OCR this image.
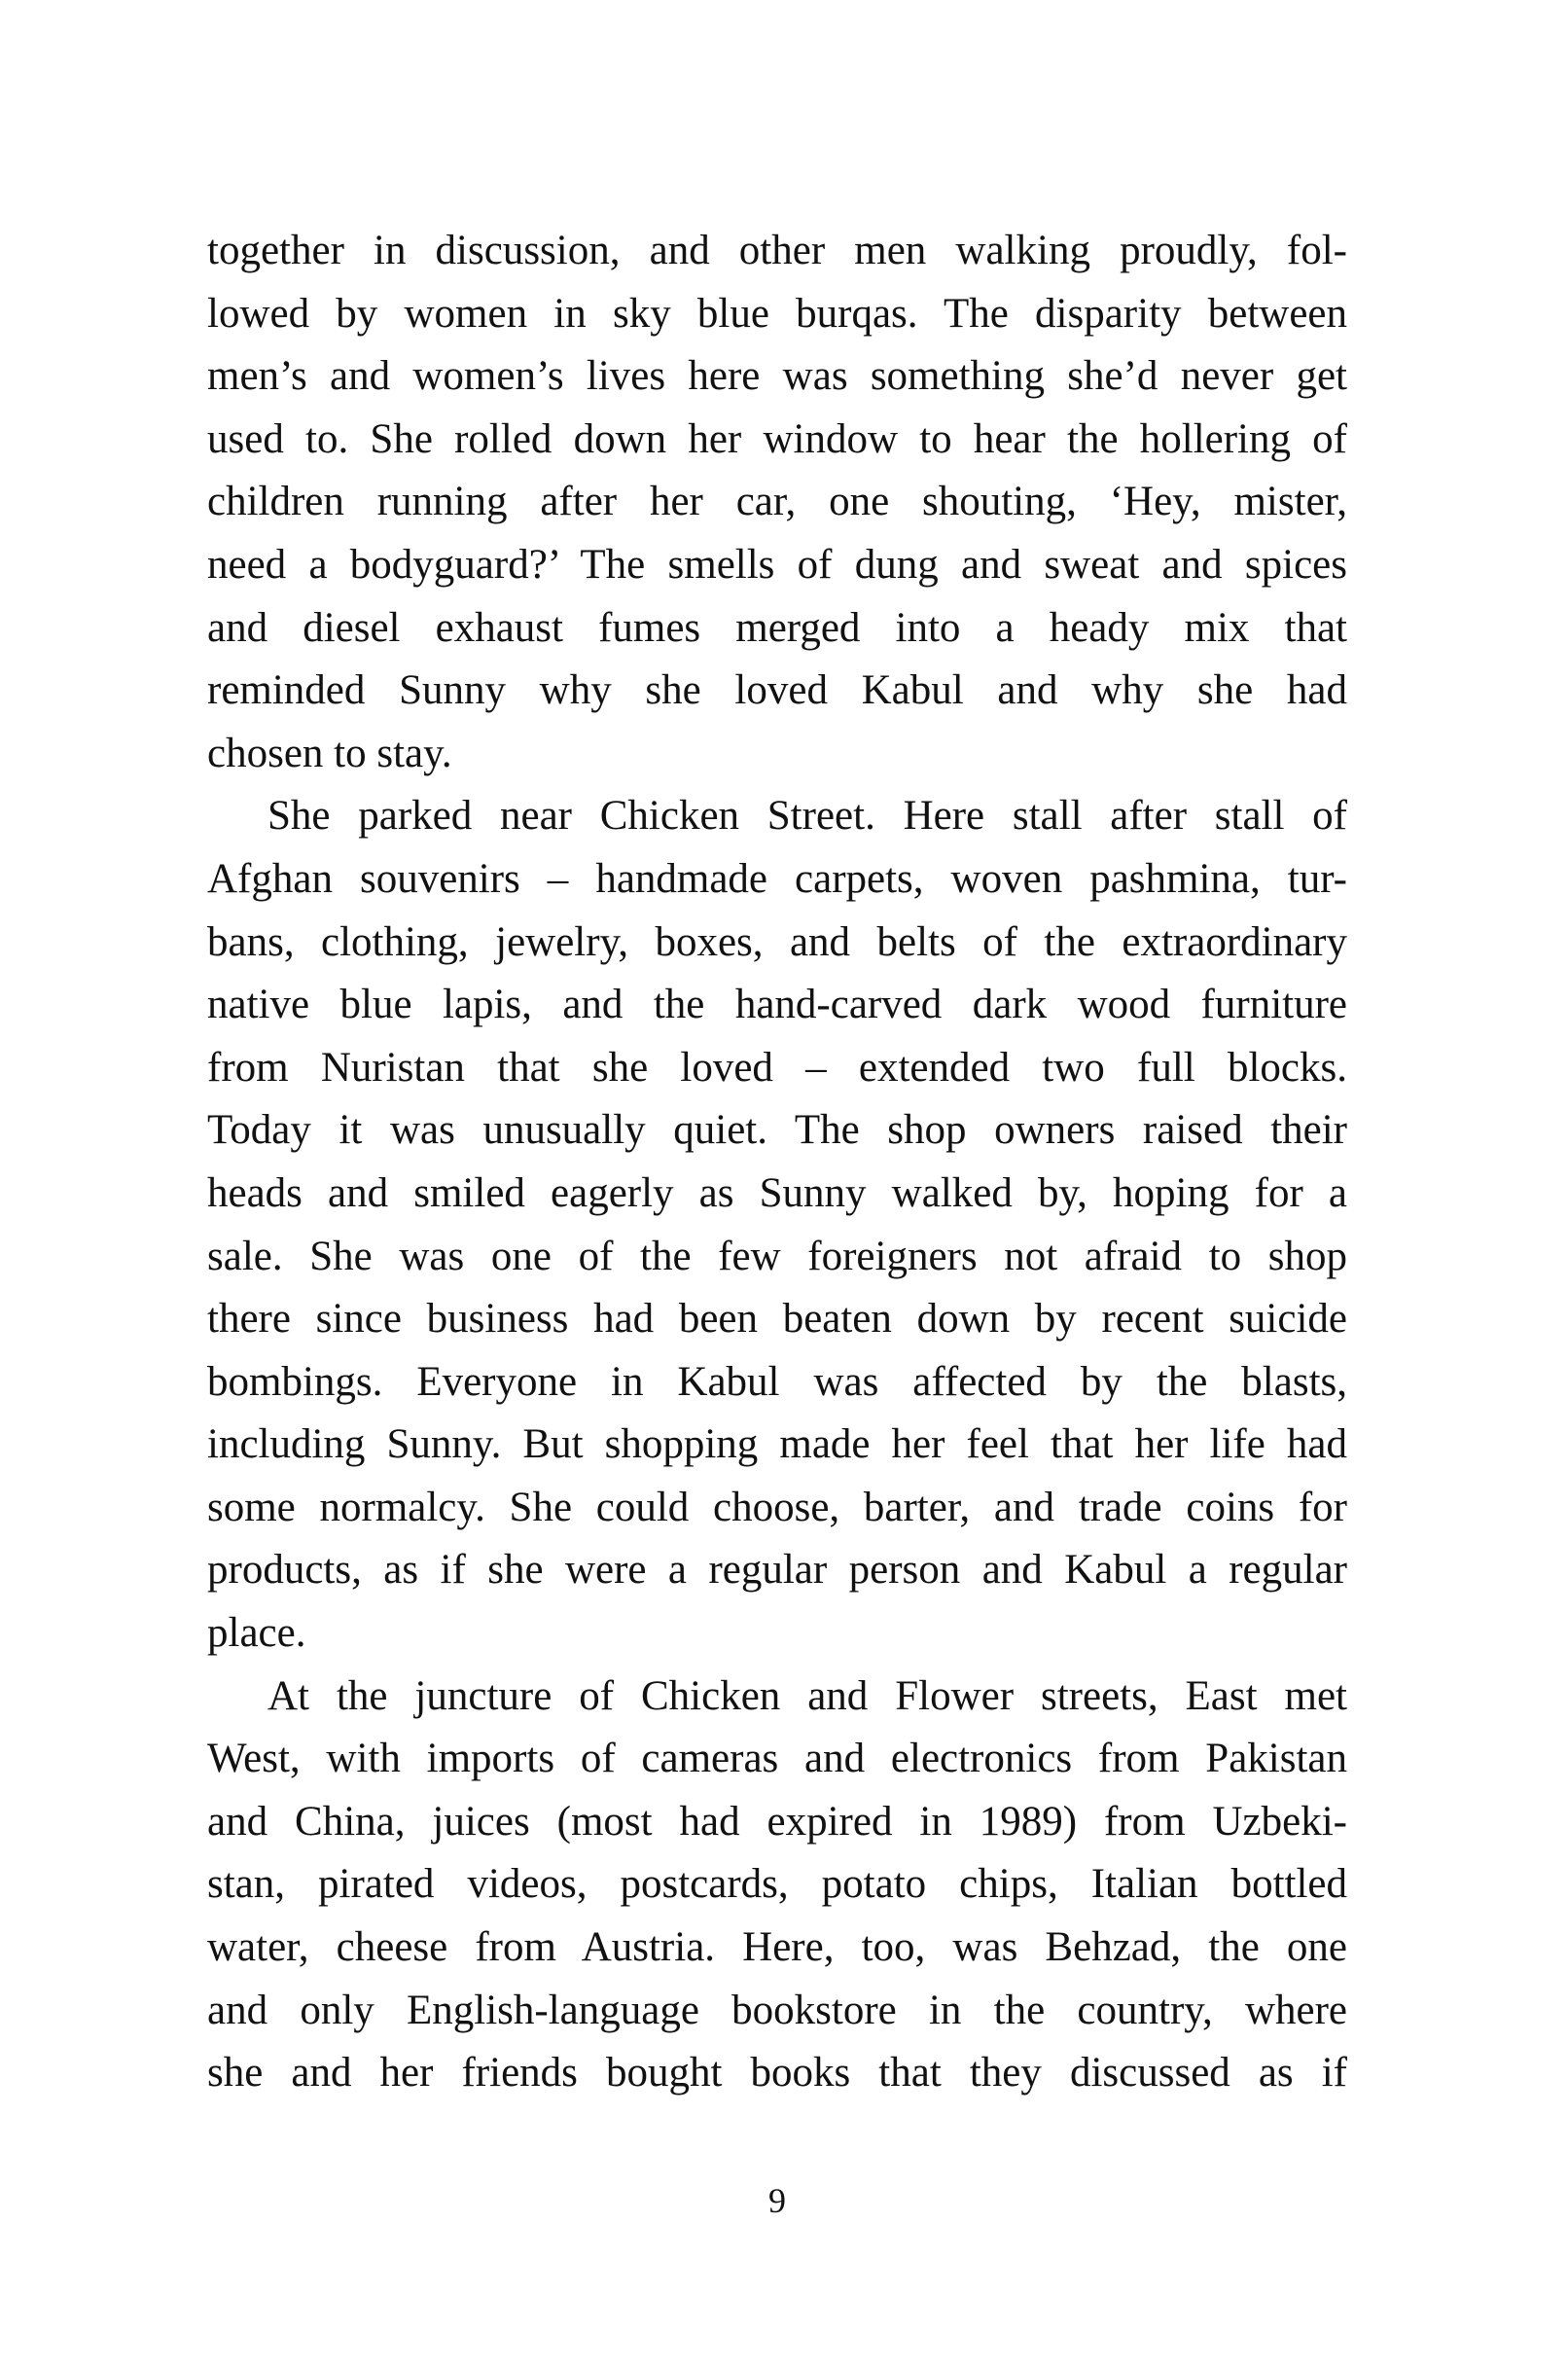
together in discussion, and other men walking proudly, fol-
lowed by women in sky blue burqas. The disparity between
men’s and women’s lives here was something she’d never get
used to. She rolled down her window to hear the hollering of
children running after her car, one shouting, ‘Hey, mister,
need a bodyguard?’ The smells of dung and sweat and spices
and diesel exhaust fumes merged into a heady mix that
reminded Sunny why she loved Kabul and why she had
chosen to stay.
She parked near Chicken Street. Here stall after stall of
Afghan souvenirs – handmade carpets, woven pashmina, tur-
bans, clothing, jewelry, boxes, and belts of the extraordinary
native blue lapis, and the hand-carved dark wood furniture
from Nuristan that she loved – extended two full blocks.
Today it was unusually quiet. The shop owners raised their
heads and smiled eagerly as Sunny walked by, hoping for a
sale. She was one of the few foreigners not afraid to shop
there since business had been beaten down by recent suicide
bombings. Everyone in Kabul was affected by the blasts,
including Sunny. But shopping made her feel that her life had
some normalcy. She could choose, barter, and trade coins for
products, as if she were a regular person and Kabul a regular
place.
At the juncture of Chicken and Flower streets, East met
West, with imports of cameras and electronics from Pakistan
and China, juices (most had expired in 1989) from Uzbeki-
stan, pirated videos, postcards, potato chips, Italian bottled
water, cheese from Austria. Here, too, was Behzad, the one
and only English-language bookstore in the country, where
she and her friends bought books that they discussed as if
9
